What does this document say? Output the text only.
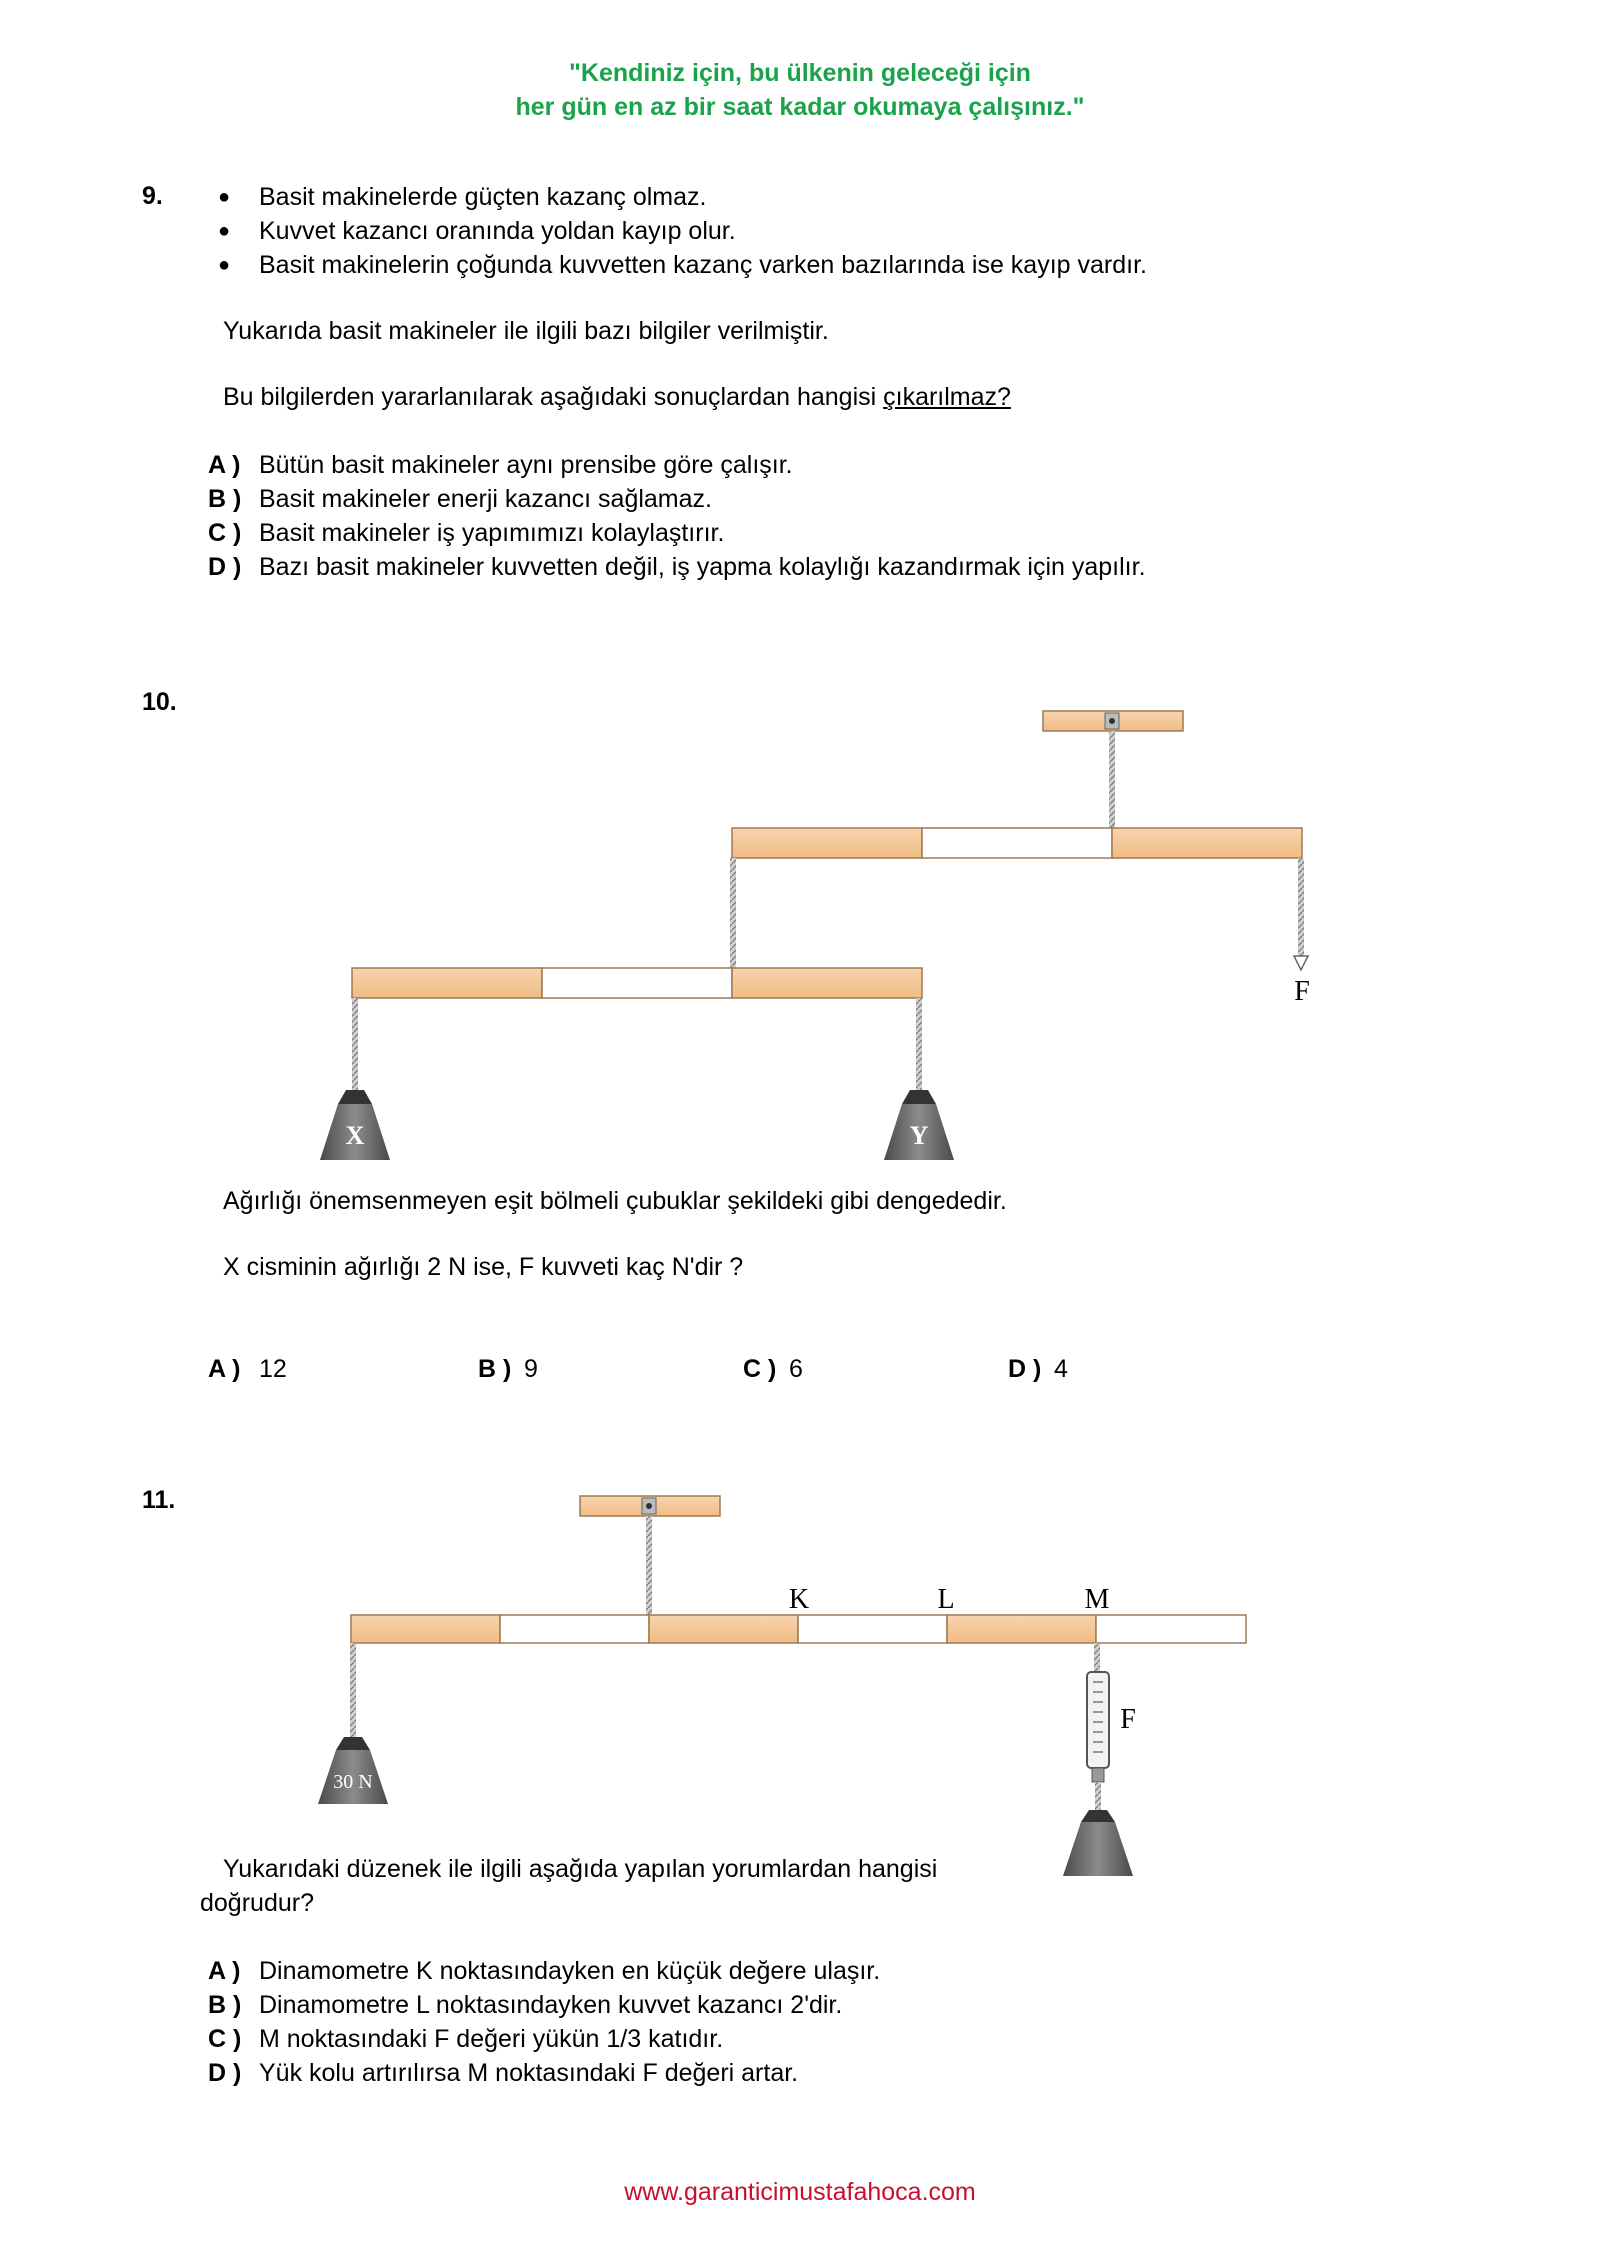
"Kendiniz için, bu ülkenin geleceği için
her gün en az bir saat kadar okumaya çalışınız."
9.	● Basit makinelerde güçten kazanç olmaz.
● Kuvvet kazancı oranında yoldan kayıp olur.
● Basit makinelerin çoğunda kuvvetten kazanç varken bazılarında ise kayıp vardır.
Yukarıda basit makineler ile ilgili bazı bilgiler verilmiştir.
Bu bilgilerden yararlanılarak aşağıdaki sonuçlardan hangisi çıkarılmaz?
A ) Bütün basit makineler aynı prensibe göre çalışır.
B ) Basit makineler enerji kazancı sağlamaz.
C ) Basit makineler iş yapımımızı kolaylaştırır.
D ) Bazı basit makineler kuvvetten değil, iş yapma kolaylığı kazandırmak için yapılır.
10.
F
X	Y
K	L	M
30 N
F
Ağırlığı önemsenmeyen eşit bölmeli çubuklar şekildeki gibi dengededir.
X cisminin ağırlığı 2 N ise, F kuvveti kaç N'dir ?
A ) 12	B ) 9	C ) 6	D ) 4
11.
Yukarıdaki düzenek ile ilgili aşağıda yapılan yorumlardan hangisi
doğrudur?
A ) Dinamometre K noktasındayken en küçük değere ulaşır.
B ) Dinamometre L noktasındayken kuvvet kazancı 2'dir.
C ) M noktasındaki F değeri yükün 1/3 katıdır.
D ) Yük kolu artırılırsa M noktasındaki F değeri artar.
www.garanticimustafahoca.com
